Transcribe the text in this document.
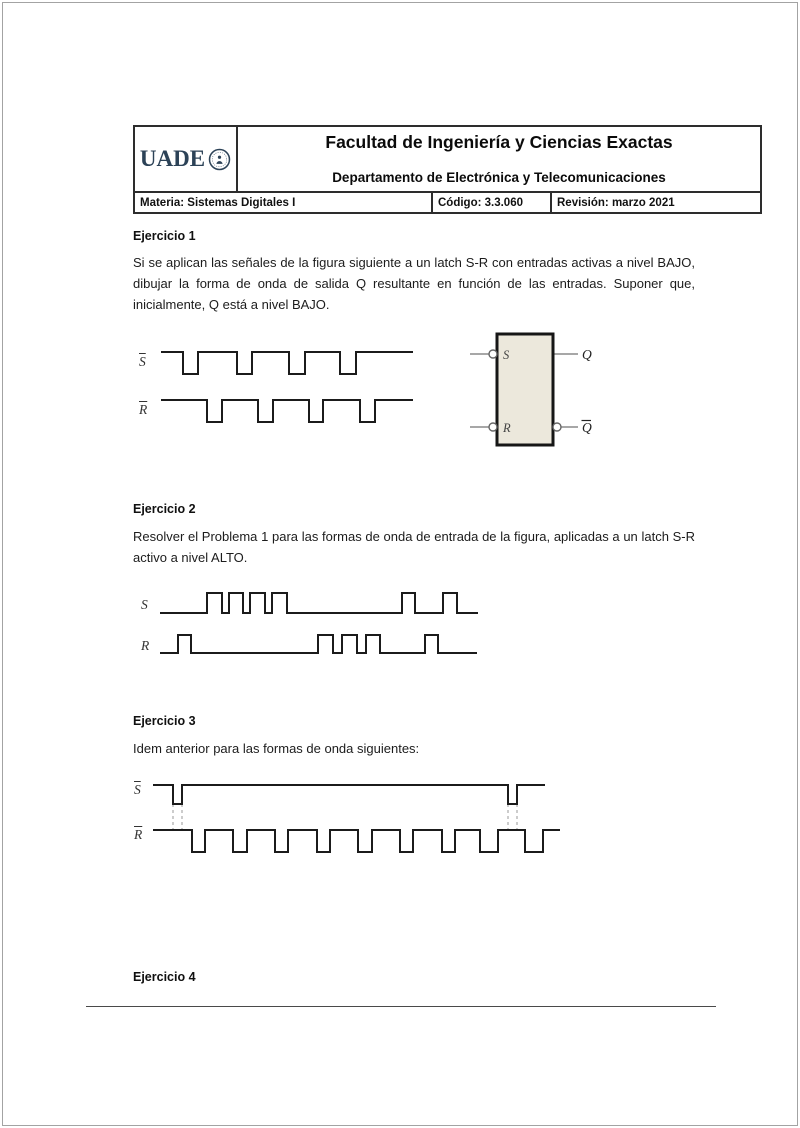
UADE
Facultad de Ingeniería y Ciencias Exactas
Departamento de Electrónica y Telecomunicaciones
Materia: Sistemas Digitales I	Código: 3.3.060	Revisión: marzo 2021
Ejercicio 1
Si se aplican las señales de la figura siguiente a un latch S-R con entradas activas a nivel BAJO, dibujar la forma de onda de salida Q resultante en función de las entradas. Suponer que, inicialmente, Q está a nivel BAJO.
$\overline{S}$
$\overline{R}$
S
R
Q
Q
Ejercicio 2
Resolver el Problema 1 para las formas de onda de entrada de la figura, aplicadas a un latch S-R activo a nivel ALTO.
S
R
Ejercicio 3
Idem anterior para las formas de onda siguientes:
$\overline{S}$
$\overline{R}$
Ejercicio 4
